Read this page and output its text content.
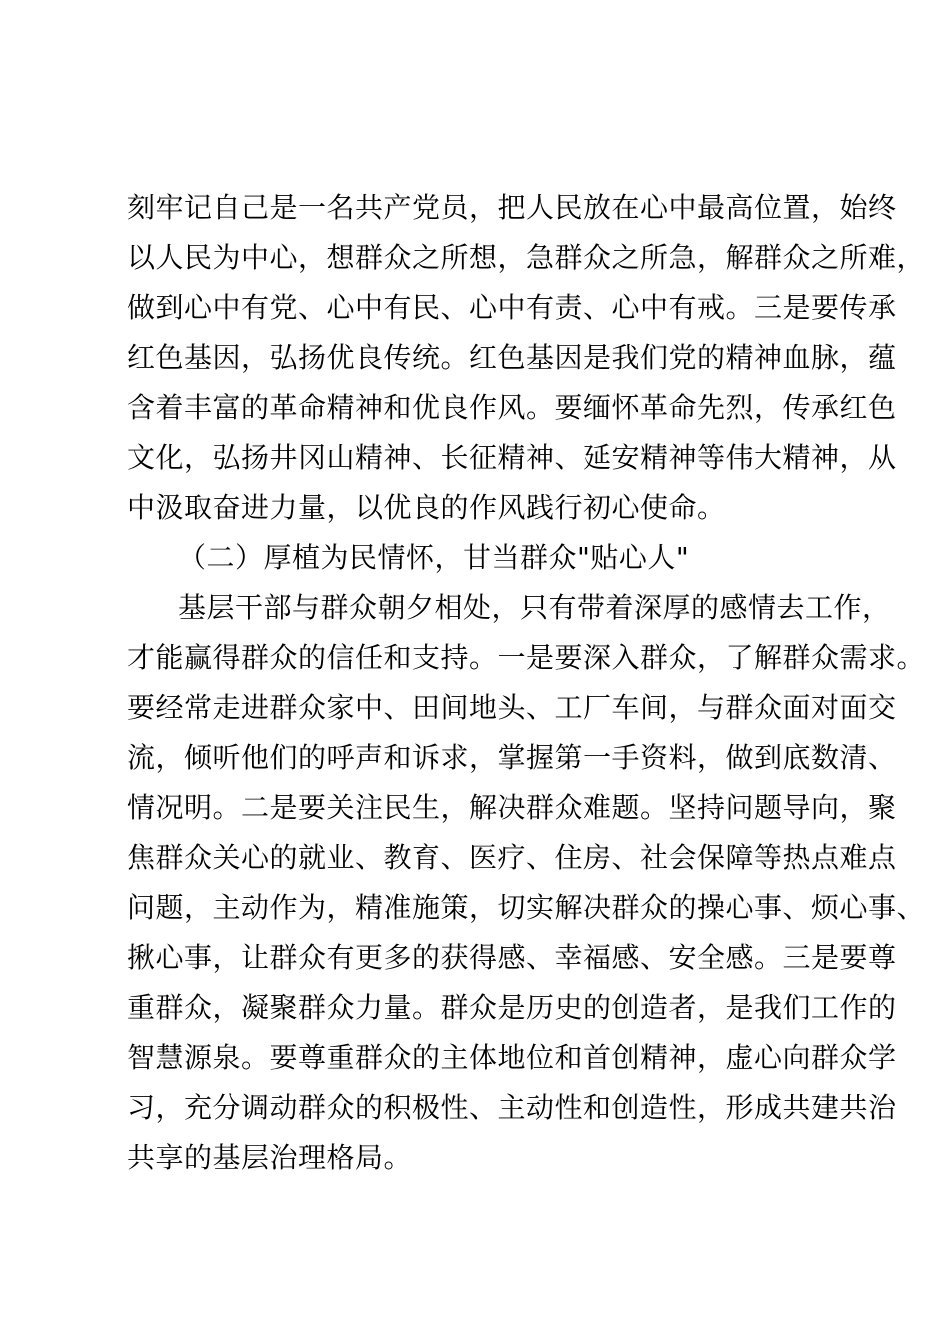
刻牢记自己是一名共产党员，把人民放在心中最高位置，始终
以人民为中心，想群众之所想，急群众之所急，解群众之所难，
做到心中有党、心中有民、心中有责、心中有戒。三是要传承
红色基因，弘扬优良传统。红色基因是我们党的精神血脉，蕴
含着丰富的革命精神和优良作风。要缅怀革命先烈，传承红色
文化，弘扬井冈山精神、长征精神、延安精神等伟大精神，从
中汲取奋进力量，以优良的作风践行初心使命。
（二）厚植为民情怀，甘当群众"贴心人"
基层干部与群众朝夕相处，只有带着深厚的感情去工作，
才能赢得群众的信任和支持。一是要深入群众，了解群众需求。
要经常走进群众家中、田间地头、工厂车间，与群众面对面交
流，倾听他们的呼声和诉求，掌握第一手资料，做到底数清、
情况明。二是要关注民生，解决群众难题。坚持问题导向，聚
焦群众关心的就业、教育、医疗、住房、社会保障等热点难点
问题，主动作为，精准施策，切实解决群众的操心事、烦心事、
揪心事，让群众有更多的获得感、幸福感、安全感。三是要尊
重群众，凝聚群众力量。群众是历史的创造者，是我们工作的
智慧源泉。要尊重群众的主体地位和首创精神，虚心向群众学
习，充分调动群众的积极性、主动性和创造性，形成共建共治
共享的基层治理格局。
